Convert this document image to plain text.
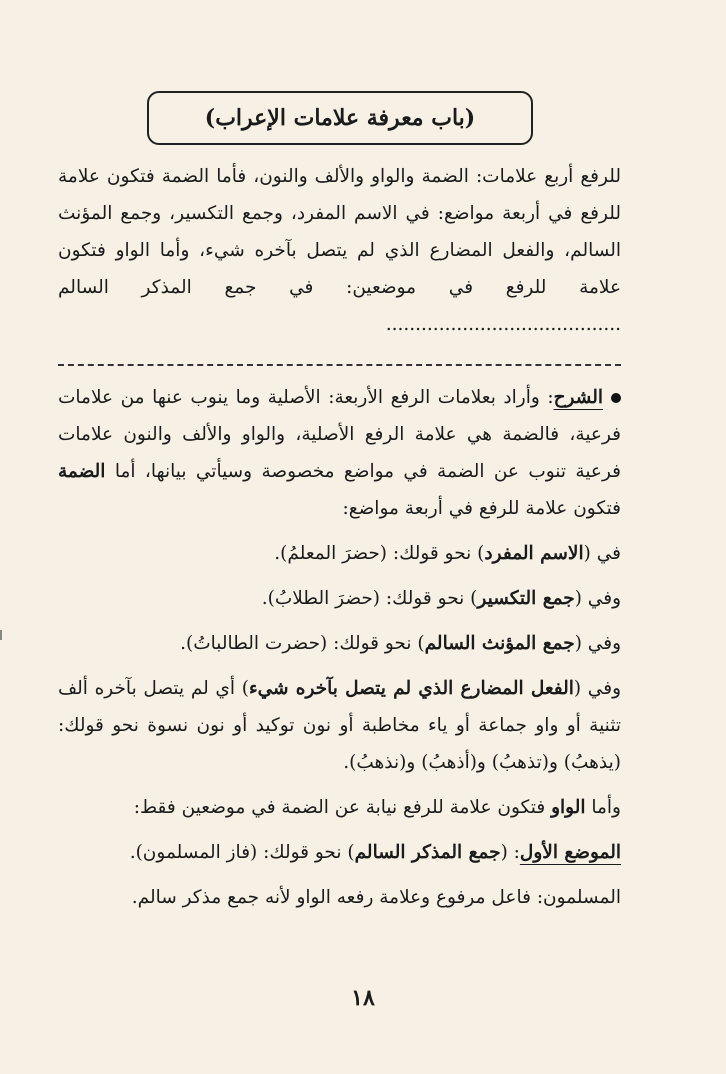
(باب معرفة علامات الإعراب)
للرفع أربع علامات: الضمة والواو والألف والنون، فأما الضمة فتكون علامة للرفع في أربعة مواضع: في الاسم المفرد، وجمع التكسير، وجمع المؤنث السالم، والفعل المضارع الذي لم يتصل بآخره شيء، وأما الواو فتكون علامة للرفع في موضعين: في جمع المذكر السالم ........................................

الشرح: وأراد بعلامات الرفع الأربعة: الأصلية وما ينوب عنها من علامات فرعية، فالضمة هي علامة الرفع الأصلية، والواو والألف والنون علامات فرعية تنوب عن الضمة في مواضع مخصوصة وسيأتي بيانها، أما الضمة فتكون علامة للرفع في أربعة مواضع:

في (الاسم المفرد) نحو قولك: (حضرَ المعلمُ).

وفي (جمع التكسير) نحو قولك: (حضرَ الطلابُ).

وفي (جمع المؤنث السالم) نحو قولك: (حضرت الطالباتُ).

وفي (الفعل المضارع الذي لم يتصل بآخره شيء) أي لم يتصل بآخره ألف تثنية أو واو جماعة أو ياء مخاطبة أو نون توكيد أو نون نسوة نحو قولك: (يذهبُ) و(تذهبُ) و(أذهبُ) و(نذهبُ).

وأما الواو فتكون علامة للرفع نيابة عن الضمة في موضعين فقط:

الموضع الأول: (جمع المذكر السالم) نحو قولك: (فاز المسلمون).

المسلمون: فاعل مرفوع وعلامة رفعه الواو لأنه جمع مذكر سالم.

١٨
